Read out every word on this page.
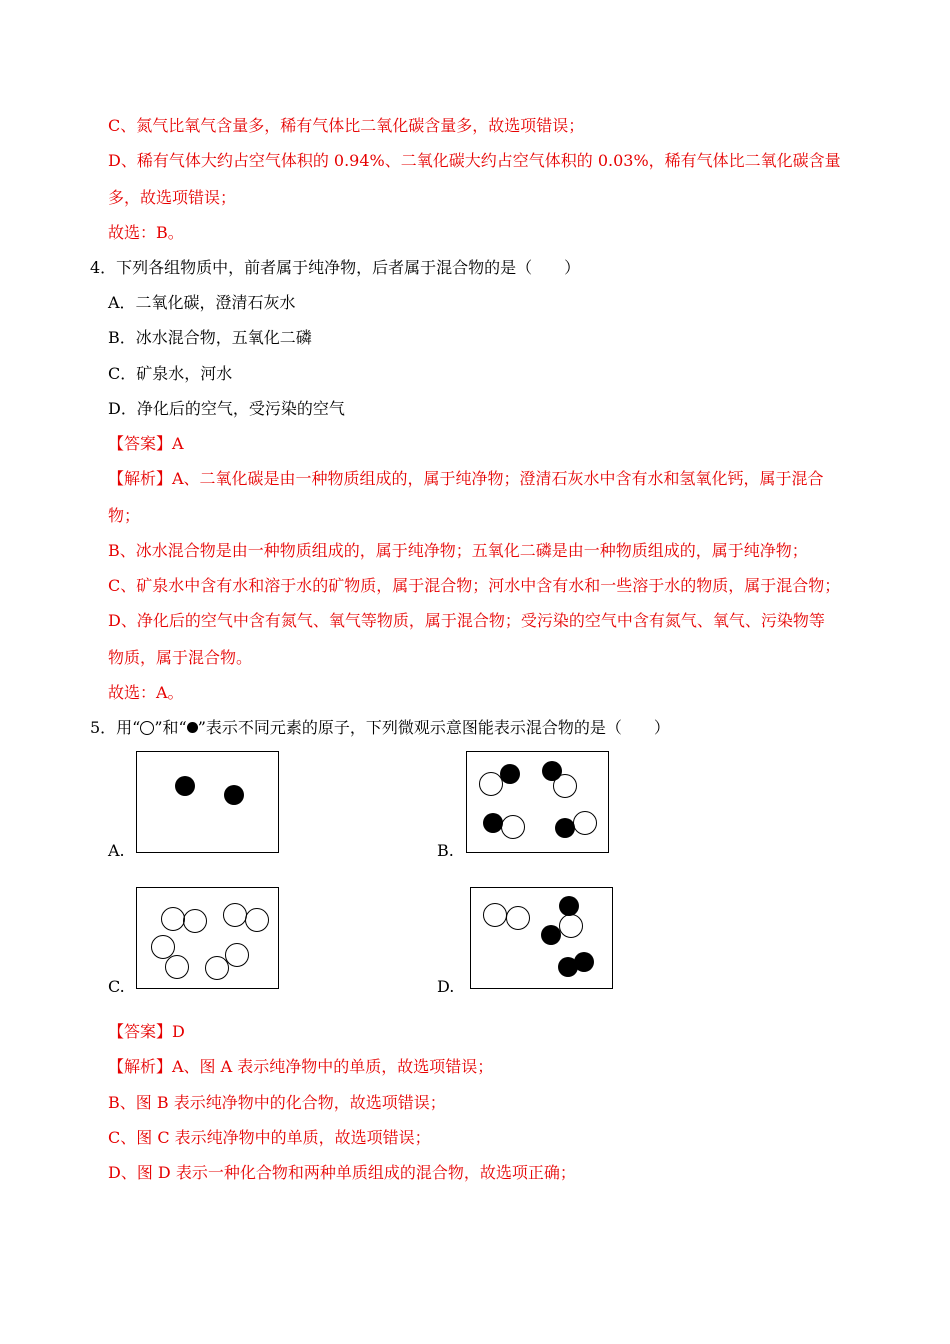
C、氮气比氧气含量多，稀有气体比二氧化碳含量多，故选项错误；
D、稀有气体大约占空气体积的 0.94%、二氧化碳大约占空气体积的 0.03%，稀有气体比二氧化碳含量
多，故选项错误；
故选：B。
4．下列各组物质中，前者属于纯净物，后者属于混合物的是（　　）
A．二氧化碳，澄清石灰水
B．冰水混合物，五氧化二磷
C．矿泉水，河水
D．净化后的空气，受污染的空气
【答案】A
【解析】A、二氧化碳是由一种物质组成的，属于纯净物；澄清石灰水中含有水和氢氧化钙，属于混合
物；
B、冰水混合物是由一种物质组成的，属于纯净物；五氧化二磷是由一种物质组成的，属于纯净物；
C、矿泉水中含有水和溶于水的矿物质，属于混合物；河水中含有水和一些溶于水的物质，属于混合物；
D、净化后的空气中含有氮气、氧气等物质，属于混合物；受污染的空气中含有氮气、氧气、污染物等
物质，属于混合物。
故选：A。
5．用“ ”和“ ”表示不同元素的原子，下列微观示意图能表示混合物的是（　　）
A.	B.
C.	D.
【答案】D
【解析】A、图 A 表示纯净物中的单质，故选项错误；
B、图 B 表示纯净物中的化合物，故选项错误；
C、图 C 表示纯净物中的单质，故选项错误；
D、图 D 表示一种化合物和两种单质组成的混合物，故选项正确；
